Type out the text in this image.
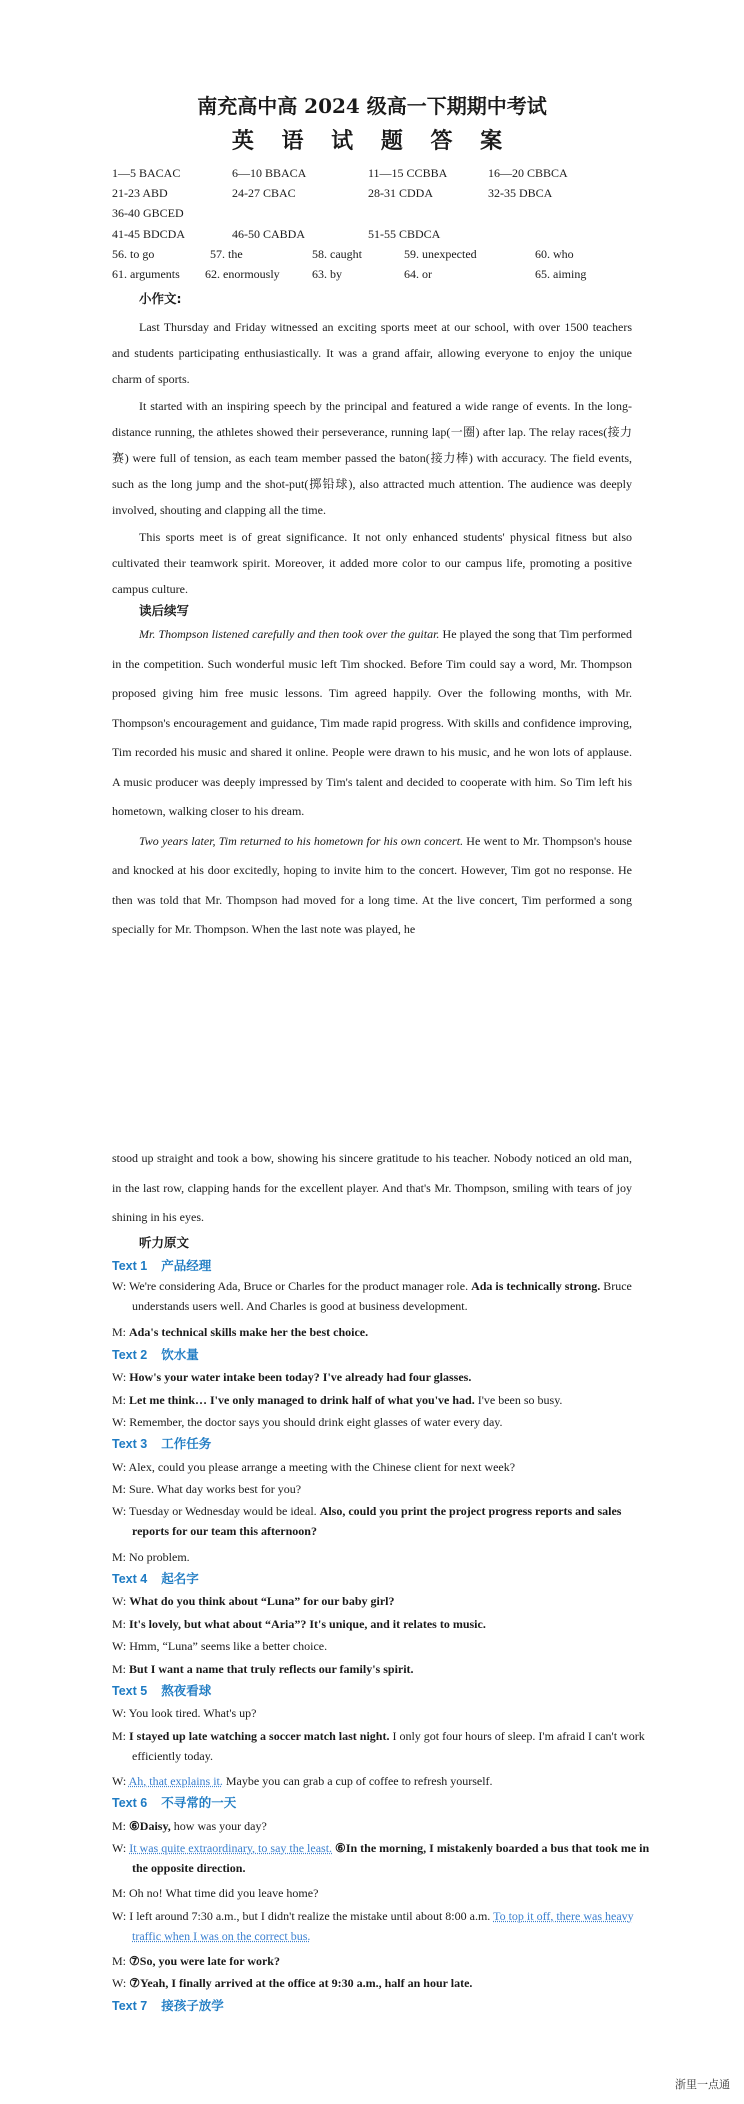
南充高中高 2024 级高一下期期中考试
英 语 试 题 答 案
1—5 BACAC	6—10 BBACA	11—15 CCBBA	16—20 CBBCA
21-23 ABD	24-27 CBAC	28-31 CDDA	32-35 DBCA
36-40 GBCED
41-45 BDCDA	46-50 CABDA	51-55 CBDCA
56. to go	57. the	58. caught	59. unexpected	60. who
61. arguments 62. enormously	63. by	64. or	65. aiming
小作文:

Last Thursday and Friday witnessed an exciting sports meet at our school, with over 1500 teachers and students participating enthusiastically. It was a grand affair, allowing everyone to enjoy the unique charm of sports.

It started with an inspiring speech by the principal and featured a wide range of events. In the long-distance running, the athletes showed their perseverance, running lap(一圈) after lap. The relay races(接力赛) were full of tension, as each team member passed the baton(接力棒) with accuracy. The field events, such as the long jump and the shot-put(掷铅球), also attracted much attention. The audience was deeply involved, shouting and clapping all the time.

This sports meet is of great significance. It not only enhanced students' physical fitness but also cultivated their teamwork spirit. Moreover, it added more color to our campus life, promoting a positive campus culture.

读后续写

Mr. Thompson listened carefully and then took over the guitar. He played the song that Tim performed in the competition. Such wonderful music left Tim shocked. Before Tim could say a word, Mr. Thompson proposed giving him free music lessons. Tim agreed happily. Over the following months, with Mr. Thompson's encouragement and guidance, Tim made rapid progress. With skills and confidence improving, Tim recorded his music and shared it online. People were drawn to his music, and he won lots of applause. A music producer was deeply impressed by Tim's talent and decided to cooperate with him. So Tim left his hometown, walking closer to his dream.

Two years later, Tim returned to his hometown for his own concert. He went to Mr. Thompson's house and knocked at his door excitedly, hoping to invite him to the concert. However, Tim got no response. He then was told that Mr. Thompson had moved for a long time. At the live concert, Tim performed a song specially for Mr. Thompson. When the last note was played, he

stood up straight and took a bow, showing his sincere gratitude to his teacher. Nobody noticed an old man, in the last row, clapping hands for the excellent player. And that's Mr. Thompson, smiling with tears of joy shining in his eyes.
听力原文
Text 1 产品经理
W: We're considering Ada, Bruce or Charles for the product manager role. Ada is technically strong. Bruce understands users well. And Charles is good at business development.
M: Ada's technical skills make her the best choice.
Text 2 饮水量
W: How's your water intake been today? I've already had four glasses.
M: Let me think… I've only managed to drink half of what you've had. I've been so busy.
W: Remember, the doctor says you should drink eight glasses of water every day.
Text 3 工作任务
W: Alex, could you please arrange a meeting with the Chinese client for next week?
M: Sure. What day works best for you?
W: Tuesday or Wednesday would be ideal. Also, could you print the project progress reports and sales reports for our team this afternoon?
M: No problem.
Text 4 起名字
W: What do you think about “Luna” for our baby girl?
M: It's lovely, but what about “Aria”? It's unique, and it relates to music.
W: Hmm, “Luna” seems like a better choice.
M: But I want a name that truly reflects our family's spirit.
Text 5 熬夜看球
W: You look tired. What's up?
M: I stayed up late watching a soccer match last night. I only got four hours of sleep. I'm afraid I can't work efficiently today.
W: Ah, that explains it. Maybe you can grab a cup of coffee to refresh yourself.
Text 6 不寻常的一天
M: ⑥Daisy, how was your day?
W: It was quite extraordinary, to say the least. ⑥In the morning, I mistakenly boarded a bus that took me in the opposite direction.
M: Oh no! What time did you leave home?
W: I left around 7:30 a.m., but I didn't realize the mistake until about 8:00 a.m. To top it off, there was heavy traffic when I was on the correct bus.
M: ⑦So, you were late for work?
W: ⑦Yeah, I finally arrived at the office at 9:30 a.m., half an hour late.
Text 7 接孩子放学
浙里一点通
